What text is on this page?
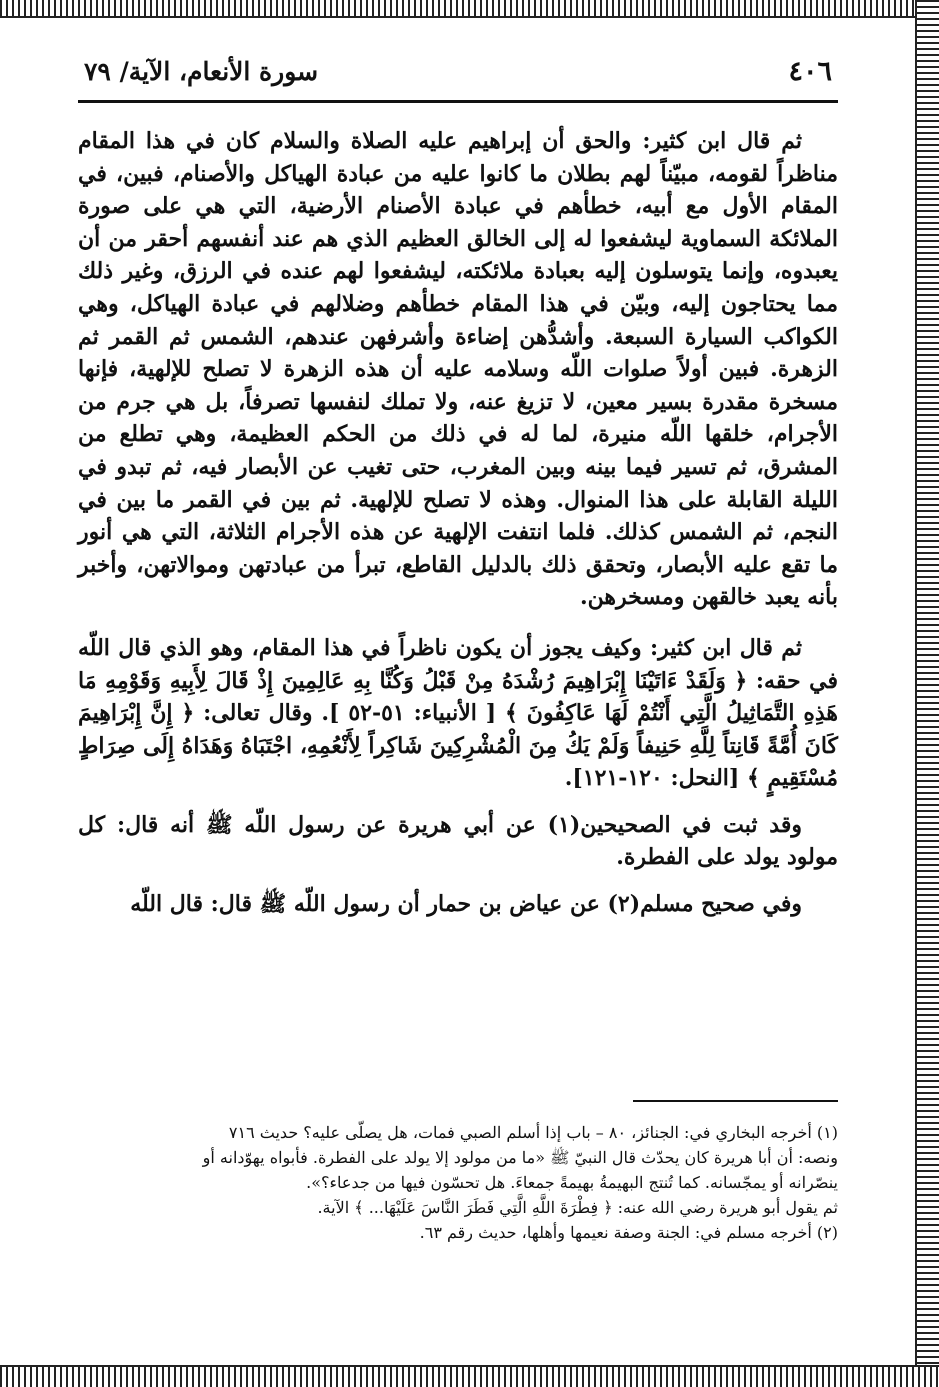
٤٠٦
سورة الأنعام، الآية/ ٧٩

ثم قال ابن كثير: والحق أن إبراهيم عليه الصلاة والسلام كان في هذا المقام مناظراً لقومه، مبيّناً لهم بطلان ما كانوا عليه من عبادة الهياكل والأصنام، فبين، في المقام الأول مع أبيه، خطأهم في عبادة الأصنام الأرضية، التي هي على صورة الملائكة السماوية ليشفعوا له إلى الخالق العظيم الذي هم عند أنفسهم أحقر من أن يعبدوه، وإنما يتوسلون إليه بعبادة ملائكته، ليشفعوا لهم عنده في الرزق، وغير ذلك مما يحتاجون إليه، وبيّن في هذا المقام خطأهم وضلالهم في عبادة الهياكل، وهي الكواكب السيارة السبعة. وأشدُّهن إضاءة وأشرفهن عندهم، الشمس ثم القمر ثم الزهرة. فبين أولاً صلوات اللّه وسلامه عليه أن هذه الزهرة لا تصلح للإلهية، فإنها مسخرة مقدرة بسير معين، لا تزيغ عنه، ولا تملك لنفسها تصرفاً، بل هي جرم من الأجرام، خلقها اللّه منيرة، لما له في ذلك من الحكم العظيمة، وهي تطلع من المشرق، ثم تسير فيما بينه وبين المغرب، حتى تغيب عن الأبصار فيه، ثم تبدو في الليلة القابلة على هذا المنوال. وهذه لا تصلح للإلهية. ثم بين في القمر ما بين في النجم، ثم الشمس كذلك. فلما انتفت الإلهية عن هذه الأجرام الثلاثة، التي هي أنور ما تقع عليه الأبصار، وتحقق ذلك بالدليل القاطع، تبرأ من عبادتهن وموالاتهن، وأخبر بأنه يعبد خالقهن ومسخرهن.

ثم قال ابن كثير: وكيف يجوز أن يكون ناظراً في هذا المقام، وهو الذي قال اللّه في حقه: ﴿ وَلَقَدْ ءَاتَيْنَا إِبْرَاهِيمَ رُشْدَهُ مِنْ قَبْلُ وَكُنَّا بِهِ عَالِمِينَ إِذْ قَالَ لِأَبِيهِ وَقَوْمِهِ مَا هَذِهِ التَّمَاثِيلُ الَّتِي أَنْتُمْ لَهَا عَاكِفُونَ ﴾ [ الأنبياء: ٥١-٥٢ ]. وقال تعالى: ﴿ إِنَّ إِبْرَاهِيمَ كَانَ أُمَّةً قَانِتاً لِلَّهِ حَنِيفاً وَلَمْ يَكُ مِنَ الْمُشْرِكِينَ شَاكِراً لِأَنْعُمِهِ، اجْتَبَاهُ وَهَدَاهُ إِلَى صِرَاطٍ مُسْتَقِيمٍ ﴾ [النحل: ١٢٠-١٢١].

وقد ثبت في الصحيحين(١) عن أبي هريرة عن رسول اللّه ﷺ أنه قال: كل مولود يولد على الفطرة.

وفي صحيح مسلم(٢) عن عياض بن حمار أن رسول اللّه ﷺ قال: قال اللّه

(١) أخرجه البخاري في: الجنائز، ٨٠ – باب إذا أسلم الصبي فمات، هل يصلّى عليه؟ حديث ٧١٦

ونصه: أن أبا هريرة كان يحدّث قال النبيّ ﷺ «ما من مولود إلا يولد على الفطرة. فأبواه يهوّدانه أو

ينصّرانه أو يمجّسانه. كما تُنتج البهيمةُ بهيمةً جمعاءَ. هل تحسّون فيها من جدعاء؟».

ثم يقول أبو هريرة رضي الله عنه: ﴿ فِطْرَةَ اللَّهِ الَّتِي فَطَرَ النَّاسَ عَلَيْهَا... ﴾ الآية.

(٢) أخرجه مسلم في: الجنة وصفة نعيمها وأهلها، حديث رقم ٦٣.
